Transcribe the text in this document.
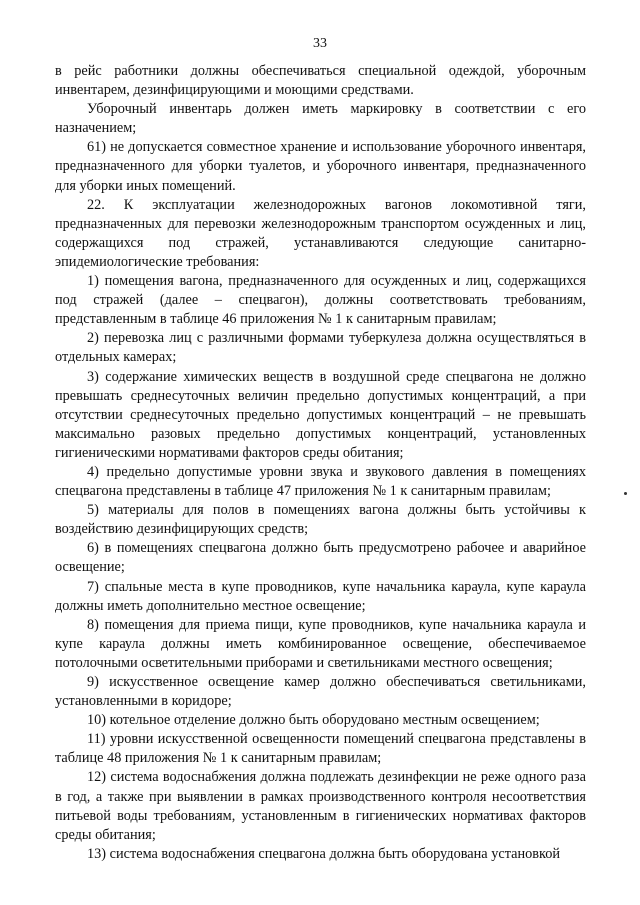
33

в рейс работники должны обеспечиваться специальной одеждой, уборочным инвентарем, дезинфицирующими и моющими средствами.

Уборочный инвентарь должен иметь маркировку в соответствии с его назначением;

61) не допускается совместное хранение и использование уборочного инвентаря, предназначенного для уборки туалетов, и уборочного инвентаря, предназначенного для уборки иных помещений.

22. К эксплуатации железнодорожных вагонов локомотивной тяги, предназначенных для перевозки железнодорожным транспортом осужденных и лиц, содержащихся под стражей, устанавливаются следующие санитарно-эпидемиологические требования:

1) помещения вагона, предназначенного для осужденных и лиц, содержащихся под стражей (далее – спецвагон), должны соответствовать требованиям, представленным в таблице 46 приложения № 1 к санитарным правилам;

2) перевозка лиц с различными формами туберкулеза должна осуществляться в отдельных камерах;

3) содержание химических веществ в воздушной среде спецвагона не должно превышать среднесуточных величин предельно допустимых концентраций, а при отсутствии среднесуточных предельно допустимых концентраций – не превышать максимально разовых предельно допустимых концентраций, установленных гигиеническими нормативами факторов среды обитания;

4) предельно допустимые уровни звука и звукового давления в помещениях спецвагона представлены в таблице 47 приложения № 1 к санитарным правилам;

5) материалы для полов в помещениях вагона должны быть устойчивы к воздействию дезинфицирующих средств;

6) в помещениях спецвагона должно быть предусмотрено рабочее и аварийное освещение;

7) спальные места в купе проводников, купе начальника караула, купе караула должны иметь дополнительно местное освещение;

8) помещения для приема пищи, купе проводников, купе начальника караула и купе караула должны иметь комбинированное освещение, обеспечиваемое потолочными осветительными приборами и светильниками местного освещения;

9) искусственное освещение камер должно обеспечиваться светильниками, установленными в коридоре;

10) котельное отделение должно быть оборудовано местным освещением;

11) уровни искусственной освещенности помещений спецвагона представлены в таблице 48 приложения № 1 к санитарным правилам;

12) система водоснабжения должна подлежать дезинфекции не реже одного раза в год, а также при выявлении в рамках производственного контроля несоответствия питьевой воды требованиям, установленным в гигиенических нормативах факторов среды обитания;

13) система водоснабжения спецвагона должна быть оборудована установкой
